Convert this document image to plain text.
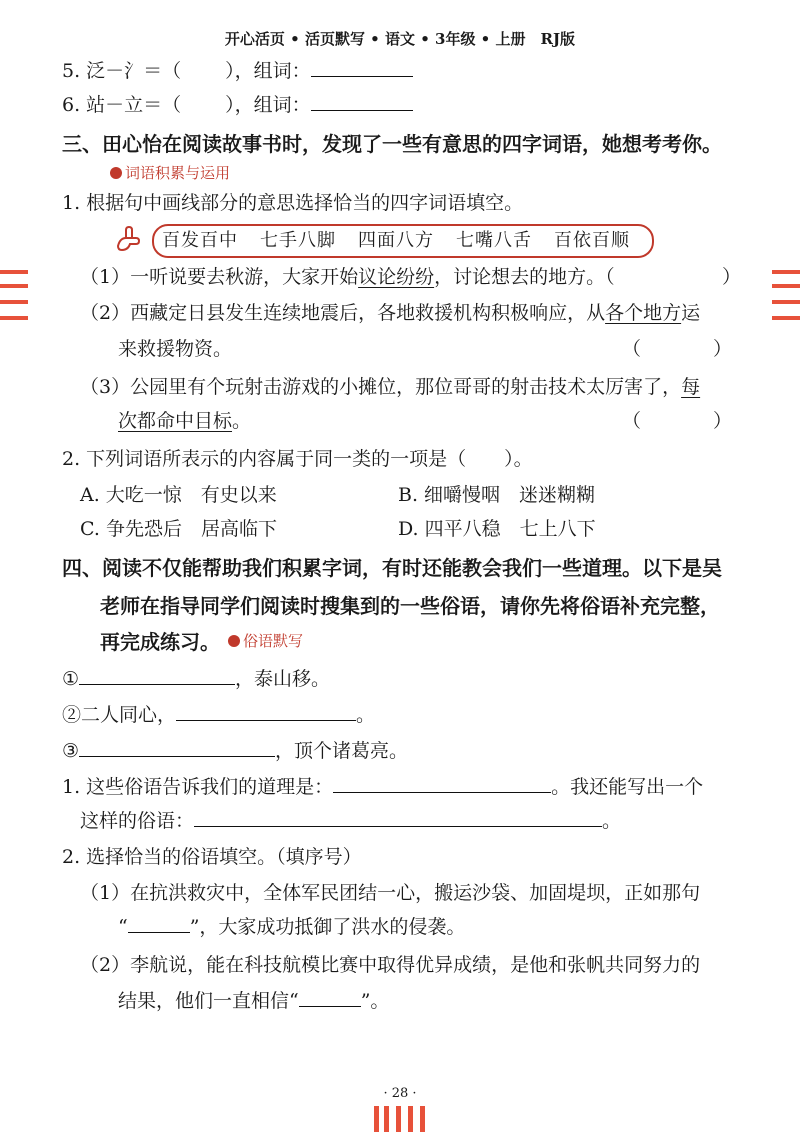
开心活页 • 活页默写 • 语文 • 3年级 • 上册　RJ版
5. 泛－氵＝（ ），组词：
6. 站－立＝（ ），组词：
三、田心怡在阅读故事书时，发现了一些有意思的四字词语，她想考考你。
词语积累与运用
1. 根据句中画线部分的意思选择恰当的四字词语填空。
百发百中 七手八脚 四面八方 七嘴八舌 百依百顺
（1）一听说要去秋游，大家开始议论纷纷，讨论想去的地方。（	）
（2）西藏定日县发生连续地震后，各地救援机构积极响应，从各个地方运
来救援物资。	（	）
（3）公园里有个玩射击游戏的小摊位，那位哥哥的射击技术太厉害了，每
次都命中目标。	（	）
2. 下列词语所表示的内容属于同一类的一项是（　　）。
A. 大吃一惊　有史以来	B. 细嚼慢咽　迷迷糊糊
C. 争先恐后　居高临下	D. 四平八稳　七上八下
四、阅读不仅能帮助我们积累字词，有时还能教会我们一些道理。以下是吴
老师在指导同学们阅读时搜集到的一些俗语，请你先将俗语补充完整，
再完成练习。	俗语默写
①	，泰山移。
②二人同心，	。
③	，顶个诸葛亮。
1. 这些俗语告诉我们的道理是：	。我还能写出一个
这样的俗语：	。
2. 选择恰当的俗语填空。（填序号）
（1）在抗洪救灾中，全体军民团结一心，搬运沙袋、加固堤坝，正如那句
“	”，大家成功抵御了洪水的侵袭。
（2）李航说，能在科技航模比赛中取得优异成绩，是他和张帆共同努力的
结果，他们一直相信“	”。
· 28 ·
